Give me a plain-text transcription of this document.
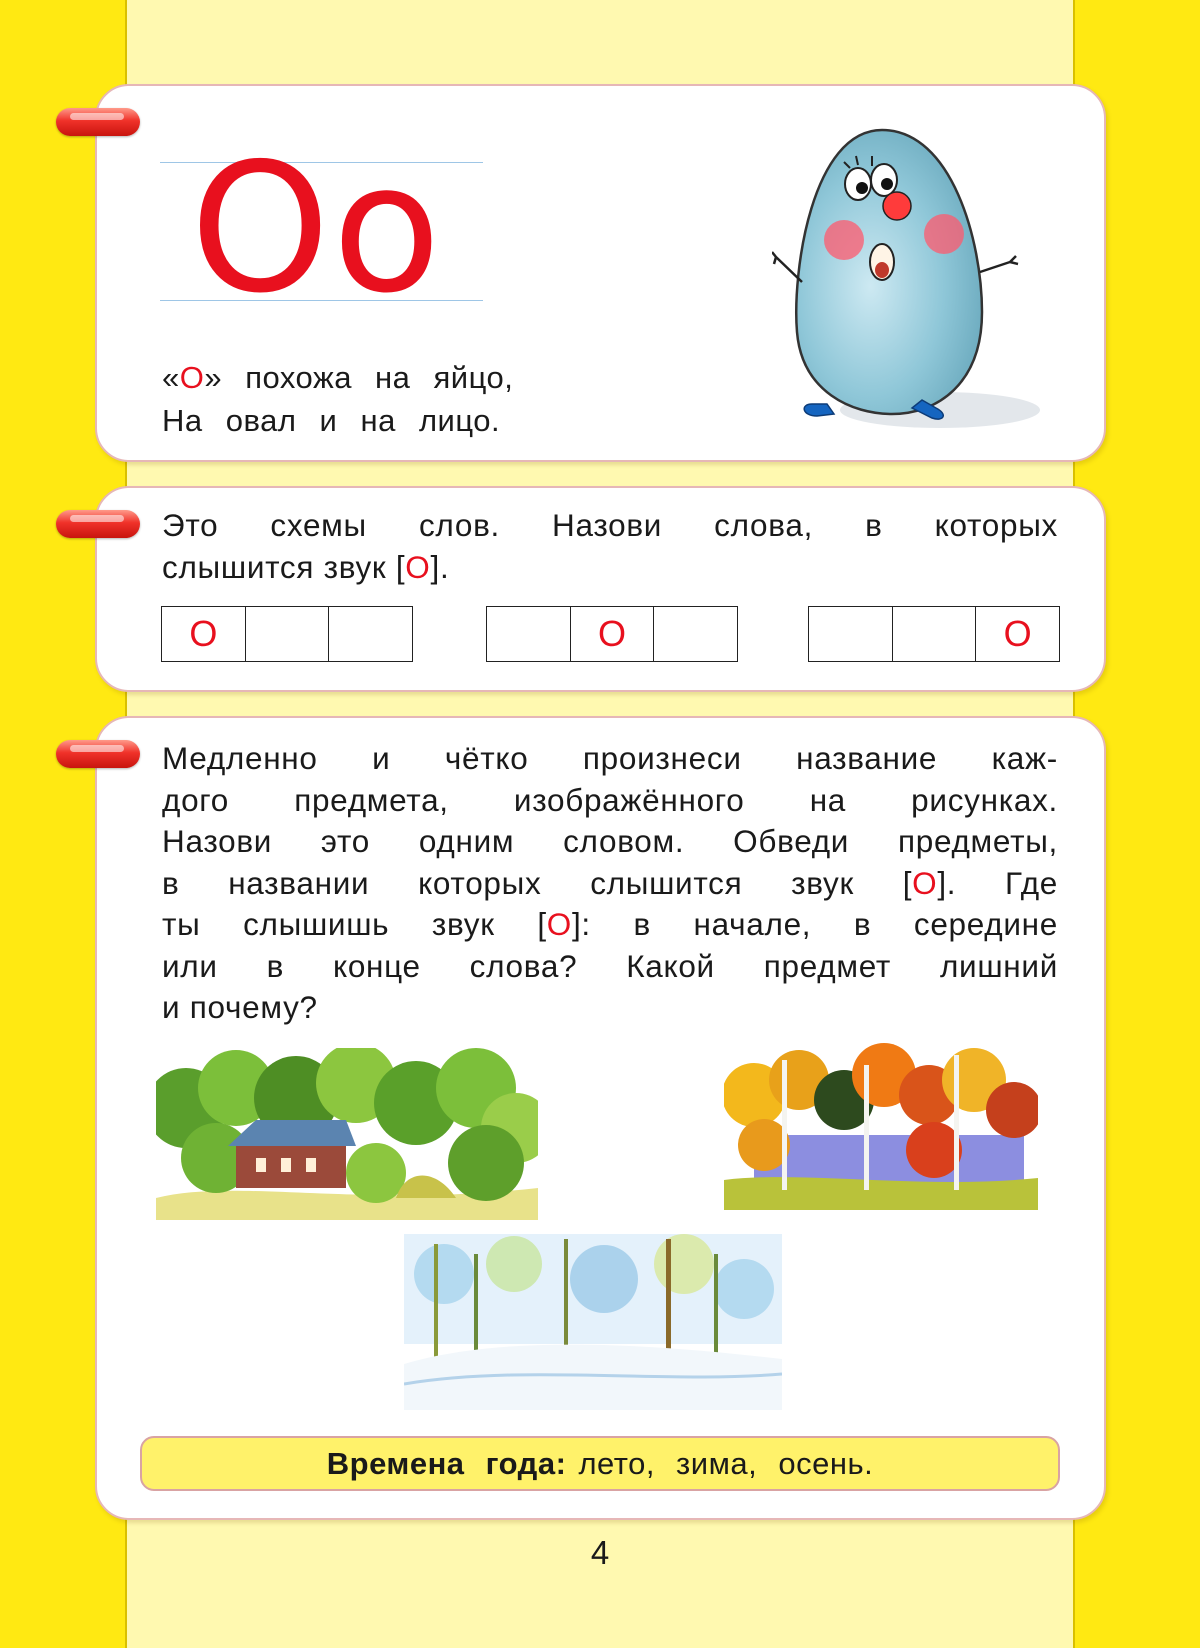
Оо
«О» похожа на яйцо,
На овал и на лицо.
Это схемы слов. Назови слова, в которых
слышится звук [О].
О	О	О
Медленно и чётко произнеси название каж-
дого предмета, изображённого на рисунках.
Назови это одним словом. Обведи предметы,
в названии которых слышится звук [О]. Где
ты слышишь звук [О]: в начале, в середине
или в конце слова? Какой предмет лишний
и почему?
Времена года: лето, зима, осень.
4
